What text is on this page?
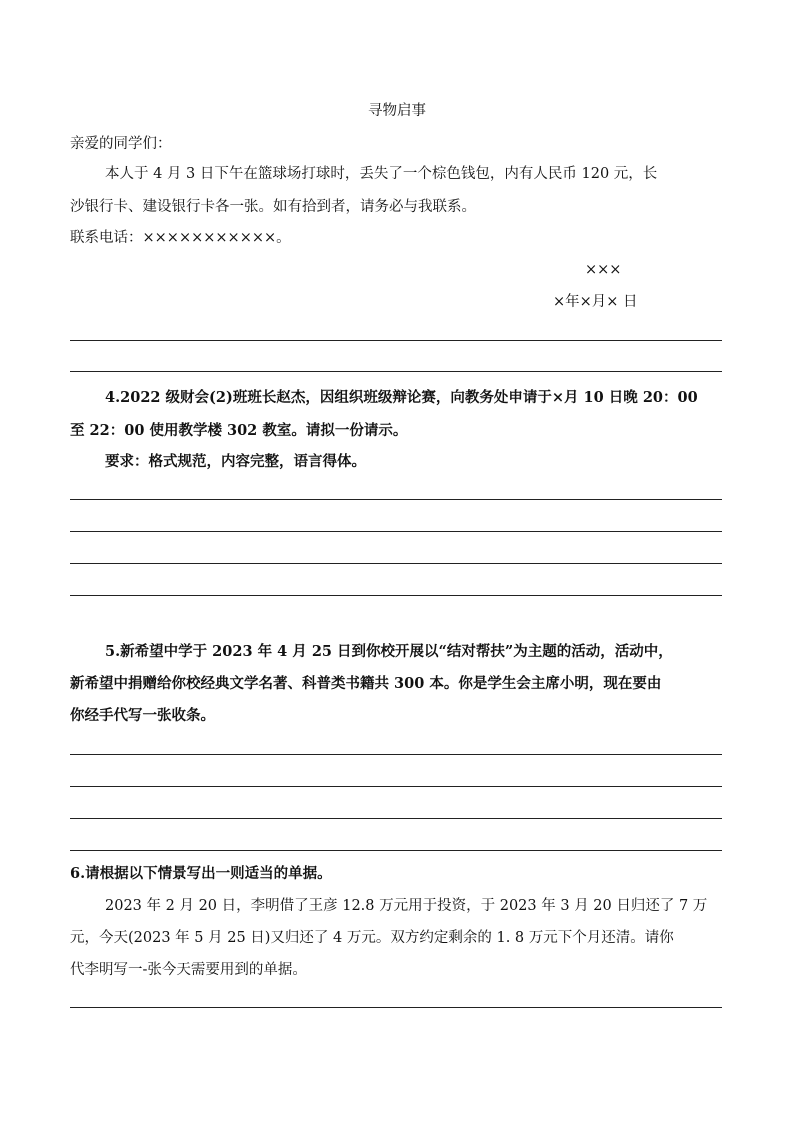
寻物启事
亲爱的同学们：
本人于 4 月 3 日下午在篮球场打球时，丢失了一个棕色钱包，内有人民币 120 元，长
沙银行卡、建设银行卡各一张。如有拾到者，请务必与我联系。
联系电话：×××××××××××。
×××
×年×月× 日
4.2022 级财会(2)班班长赵杰，因组织班级辩论赛，向教务处申请于×月 10 日晚 20：00
至 22：00 使用教学楼 302 教室。请拟一份请示。
要求：格式规范，内容完整，语言得体。
5.新希望中学于 2023 年 4 月 25 日到你校开展以“结对帮扶”为主题的活动，活动中，
新希望中捐赠给你校经典文学名著、科普类书籍共 300 本。你是学生会主席小明，现在要由
你经手代写一张收条。
6.请根据以下情景写出一则适当的单据。
2023 年 2 月 20 日，李明借了王彦 12.8 万元用于投资，于 2023 年 3 月 20 日归还了 7 万
元，今天(2023 年 5 月 25 日)又归还了 4 万元。双方约定剩余的 1. 8 万元下个月还清。请你
代李明写一-张今天需要用到的单据。
